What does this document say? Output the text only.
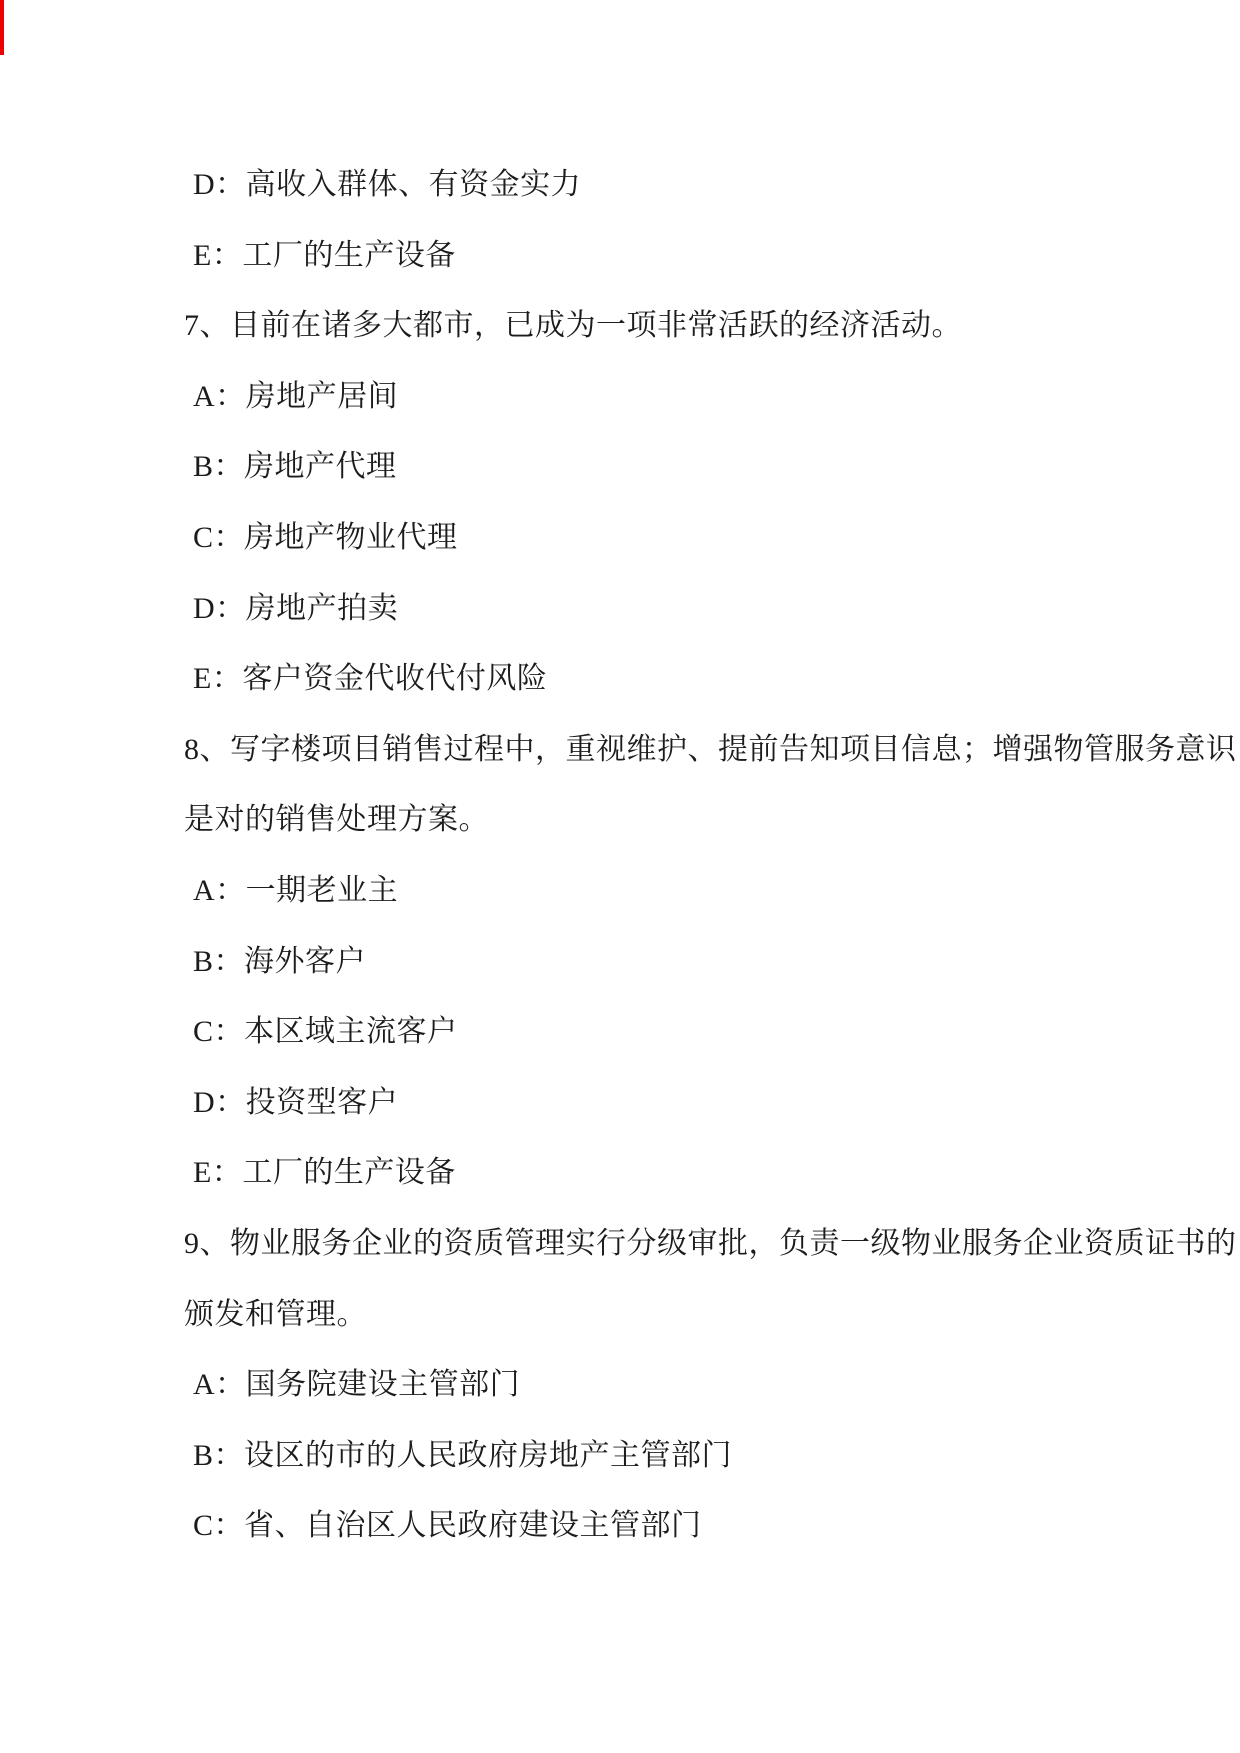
D：高收入群体、有资金实力
E：工厂的生产设备
7、目前在诸多大都市，已成为一项非常活跃的经济活动。
A：房地产居间
B：房地产代理
C：房地产物业代理
D：房地产拍卖
E：客户资金代收代付风险
8、写字楼项目销售过程中，重视维护、提前告知项目信息；增强物管服务意识
是对的销售处理方案。
A：一期老业主
B：海外客户
C：本区域主流客户
D：投资型客户
E：工厂的生产设备
9、物业服务企业的资质管理实行分级审批，负责一级物业服务企业资质证书的
颁发和管理。
A：国务院建设主管部门
B：设区的市的人民政府房地产主管部门
C：省、自治区人民政府建设主管部门
